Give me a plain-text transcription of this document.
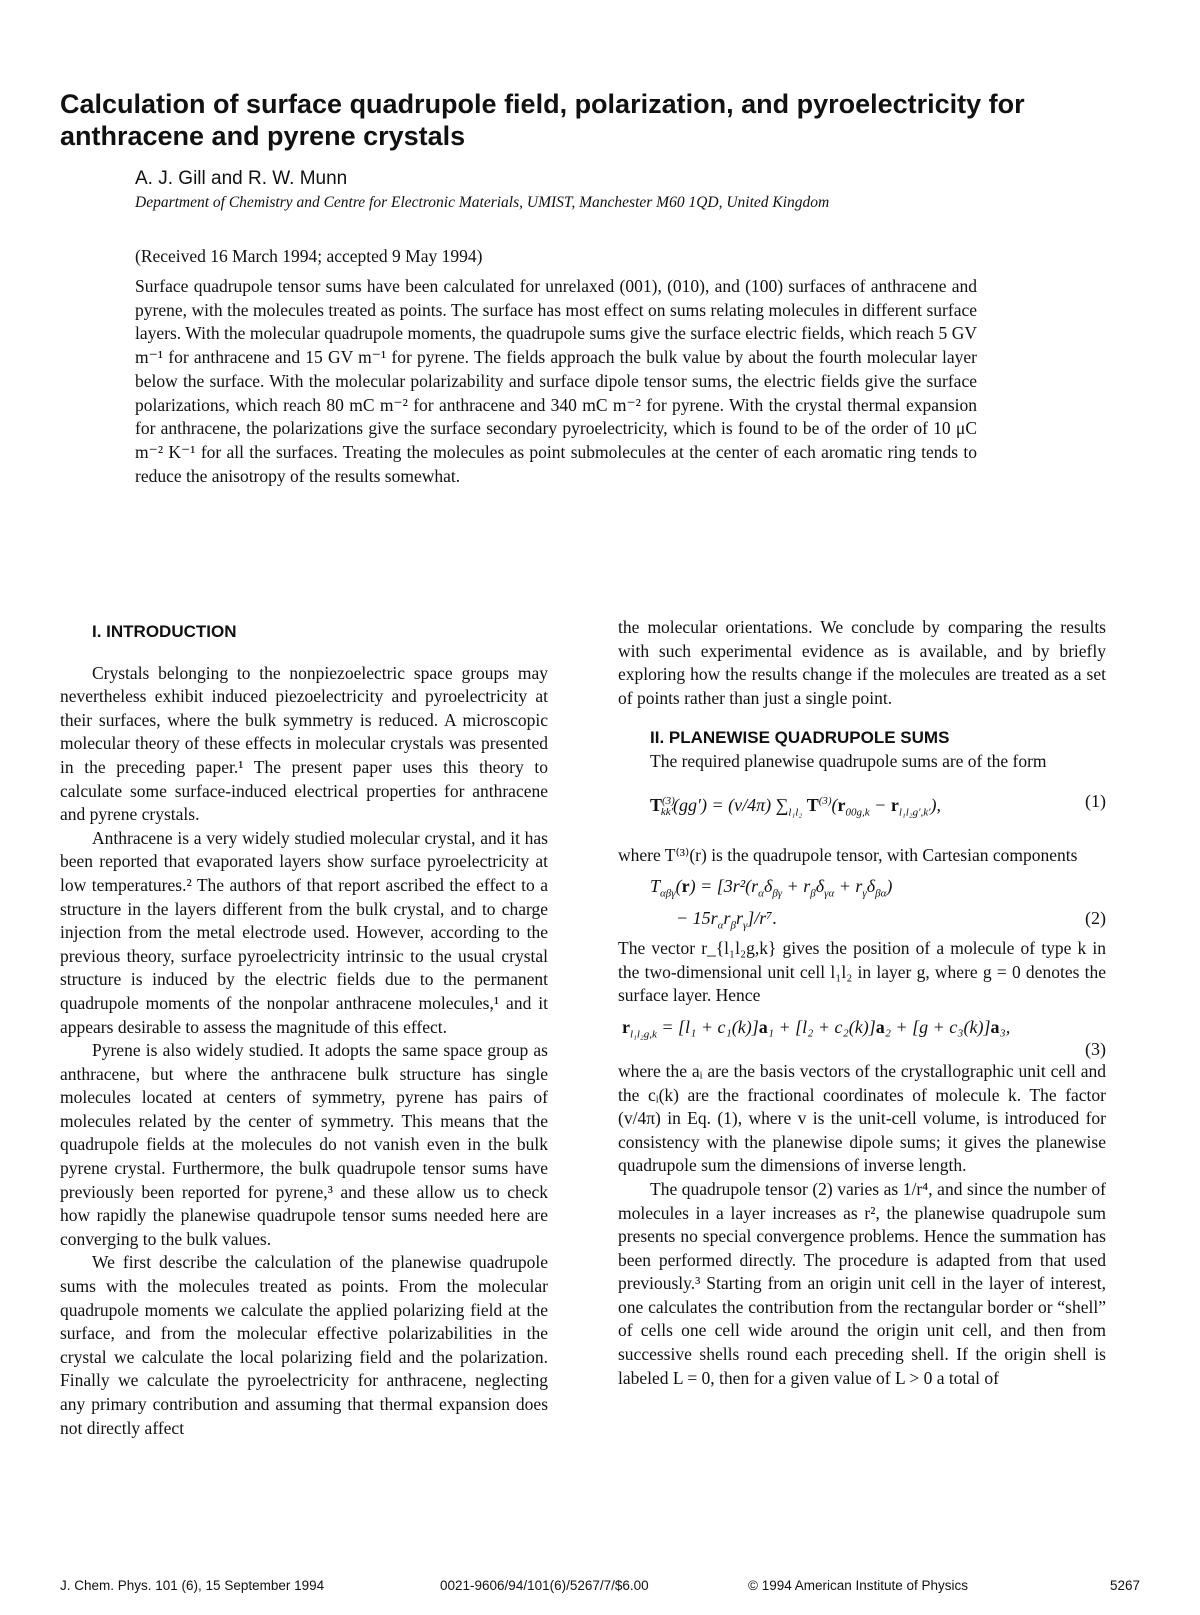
Calculation of surface quadrupole field, polarization, and pyroelectricity for anthracene and pyrene crystals
A. J. Gill and R. W. Munn
Department of Chemistry and Centre for Electronic Materials, UMIST, Manchester M60 1QD, United Kingdom
(Received 16 March 1994; accepted 9 May 1994)

Surface quadrupole tensor sums have been calculated for unrelaxed (001), (010), and (100) surfaces of anthracene and pyrene, with the molecules treated as points. The surface has most effect on sums relating molecules in different surface layers. With the molecular quadrupole moments, the quadrupole sums give the surface electric fields, which reach 5 GV m⁻¹ for anthracene and 15 GV m⁻¹ for pyrene. The fields approach the bulk value by about the fourth molecular layer below the surface. With the molecular polarizability and surface dipole tensor sums, the electric fields give the surface polarizations, which reach 80 mC m⁻² for anthracene and 340 mC m⁻² for pyrene. With the crystal thermal expansion for anthracene, the polarizations give the surface secondary pyroelectricity, which is found to be of the order of 10 μC m⁻² K⁻¹ for all the surfaces. Treating the molecules as point submolecules at the center of each aromatic ring tends to reduce the anisotropy of the results somewhat.

I. INTRODUCTION

Crystals belonging to the nonpiezoelectric space groups may nevertheless exhibit induced piezoelectricity and pyroelectricity at their surfaces, where the bulk symmetry is reduced. A microscopic molecular theory of these effects in molecular crystals was presented in the preceding paper.¹ The present paper uses this theory to calculate some surface-induced electrical properties for anthracene and pyrene crystals.

Anthracene is a very widely studied molecular crystal, and it has been reported that evaporated layers show surface pyroelectricity at low temperatures.² The authors of that report ascribed the effect to a structure in the layers different from the bulk crystal, and to charge injection from the metal electrode used. However, according to the previous theory, surface pyroelectricity intrinsic to the usual crystal structure is induced by the electric fields due to the permanent quadrupole moments of the nonpolar anthracene molecules,¹ and it appears desirable to assess the magnitude of this effect.

Pyrene is also widely studied. It adopts the same space group as anthracene, but where the anthracene bulk structure has single molecules located at centers of symmetry, pyrene has pairs of molecules related by the center of symmetry. This means that the quadrupole fields at the molecules do not vanish even in the bulk pyrene crystal. Furthermore, the bulk quadrupole tensor sums have previously been reported for pyrene,³ and these allow us to check how rapidly the planewise quadrupole tensor sums needed here are converging to the bulk values.

We first describe the calculation of the planewise quadrupole sums with the molecules treated as points. From the molecular quadrupole moments we calculate the applied polarizing field at the surface, and from the molecular effective polarizabilities in the crystal we calculate the local polarizing field and the polarization. Finally we calculate the pyroelectricity for anthracene, neglecting any primary contribution and assuming that thermal expansion does not directly affect

the molecular orientations. We conclude by comparing the results with such experimental evidence as is available, and by briefly exploring how the results change if the molecules are treated as a set of points rather than just a single point.

II. PLANEWISE QUADRUPOLE SUMS

The required planewise quadrupole sums are of the form

$T^{(3)}_{kk'}(gg') = (v/4\pi)$ $\sum_{l_1l_2}$ $T^{(3)}(r_{00g,k} - r_{l_1l_2g',k'})$,	(1)

where T⁽³⁾(r) is the quadrupole tensor, with Cartesian components

$T_{\alpha\beta\gamma}(r) = [3r^2(r_\alpha\delta_{\beta\gamma} + r_\beta\delta_{\gamma\alpha} + r_\gamma\delta_{\beta\alpha})$
− $15r_\alpha r_\beta r_\gamma]/r^7$.	(2)

The vector r_{l₁l₂g,k} gives the position of a molecule of type k in the two-dimensional unit cell l₁l₂ in layer g, where g = 0 denotes the surface layer. Hence

$r_{l_1l_2g,k} = [l_1 + c_1(k)]a_1 + [l_2 + c_2(k)]a_2 + [g + c_3(k)]a_3$,
(3)

where the aᵢ are the basis vectors of the crystallographic unit cell and the cᵢ(k) are the fractional coordinates of molecule k. The factor (v/4π) in Eq. (1), where v is the unit-cell volume, is introduced for consistency with the planewise dipole sums; it gives the planewise quadrupole sum the dimensions of inverse length.

The quadrupole tensor (2) varies as 1/r⁴, and since the number of molecules in a layer increases as r², the planewise quadrupole sum presents no special convergence problems. Hence the summation has been performed directly. The procedure is adapted from that used previously.³ Starting from an origin unit cell in the layer of interest, one calculates the contribution from the rectangular border or “shell” of cells one cell wide around the origin unit cell, and then from successive shells round each preceding shell. If the origin shell is labeled L = 0, then for a given value of L > 0 a total of

J. Chem. Phys. 101 (6), 15 September 1994	0021-9606/94/101(6)/5267/7/$6.00	© 1994 American Institute of Physics	5267
